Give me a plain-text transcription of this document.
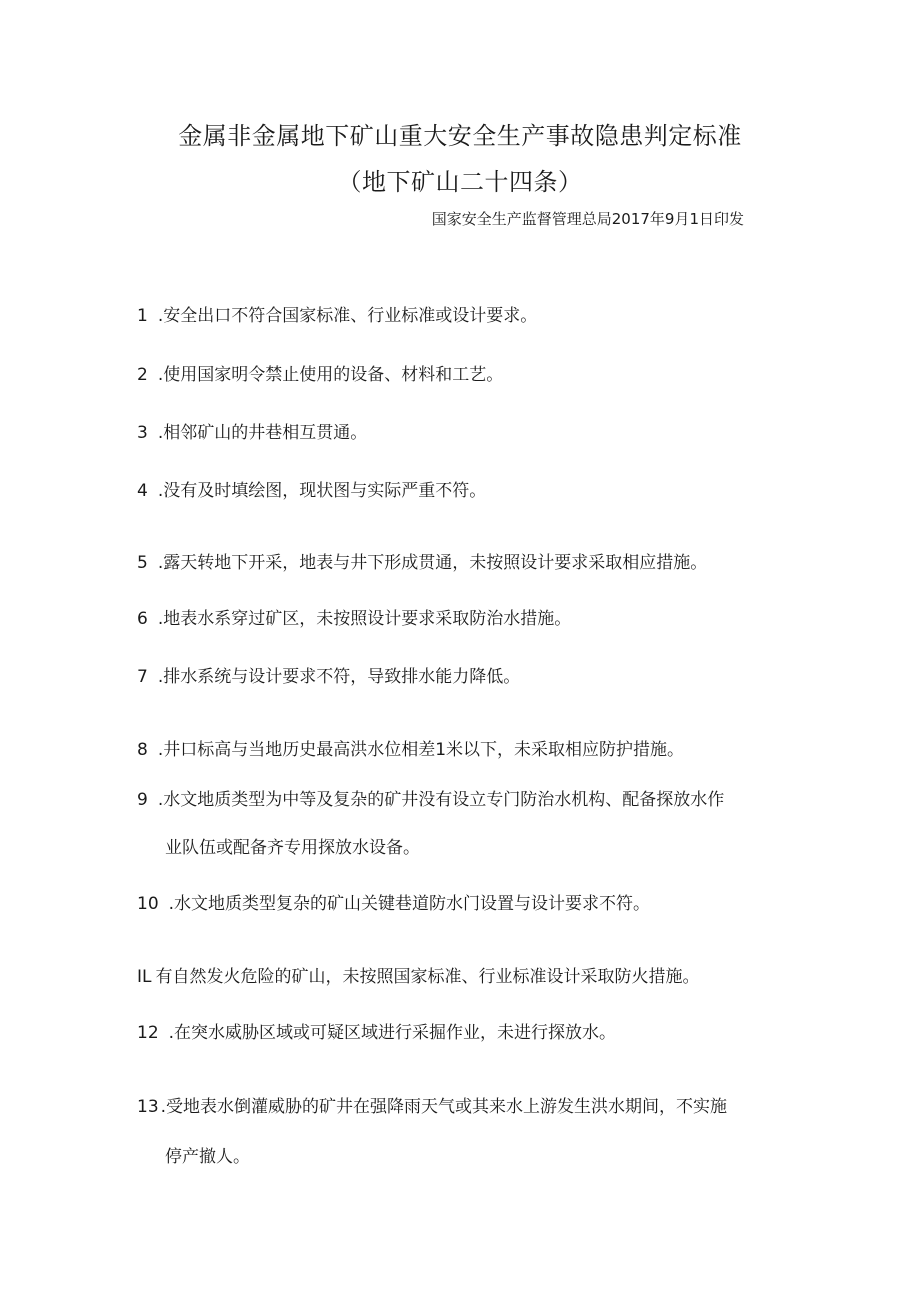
金属非金属地下矿山重大安全生产事故隐患判定标准
（地下矿山二十四条）
国家安全生产监督管理总局2017年9月1日印发
1 .安全出口不符合国家标准、行业标准或设计要求。
2 .使用国家明令禁止使用的设备、材料和工艺。
3 .相邻矿山的井巷相互贯通。
4 .没有及时填绘图，现状图与实际严重不符。
5 .露天转地下开采，地表与井下形成贯通，未按照设计要求采取相应措施。
6 .地表水系穿过矿区，未按照设计要求采取防治水措施。
7 .排水系统与设计要求不符，导致排水能力降低。
8 .井口标高与当地历史最高洪水位相差1米以下，未采取相应防护措施。
9 .水文地质类型为中等及复杂的矿井没有设立专门防治水机构、配备探放水作
业队伍或配备齐专用探放水设备。
10 .水文地质类型复杂的矿山关键巷道防水门设置与设计要求不符。
IL 有自然发火危险的矿山，未按照国家标准、行业标准设计采取防火措施。
12 .在突水威胁区域或可疑区域进行采掘作业，未进行探放水。
13 .受地表水倒灌威胁的矿井在强降雨天气或其来水上游发生洪水期间，不实施
停产撤人。
